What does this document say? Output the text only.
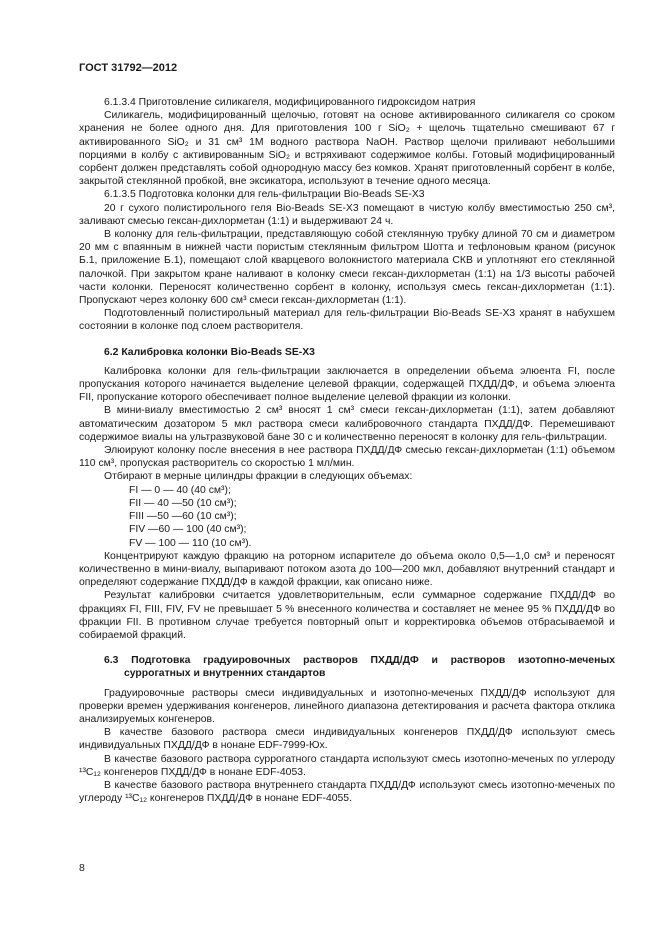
ГОСТ 31792—2012

6.1.3.4 Приготовление силикагеля, модифицированного гидроксидом натрия

Силикагель, модифицированный щелочью, готовят на основе активированного силикагеля со сроком хранения не более одного дня. Для приготовления 100 г SiO₂ + щелочь тщательно смешивают 67 г активированного SiO₂ и 31 см³ 1М водного раствора NaOH. Раствор щелочи приливают небольшими порциями в колбу с активированным SiO₂ и встряхивают содержимое колбы. Готовый модифицированный сорбент должен представлять собой однородную массу без комков. Хранят приготовленный сорбент в колбе, закрытой стеклянной пробкой, вне эксикатора, используют в течение одного месяца.

6.1.3.5 Подготовка колонки для гель-фильтрации Bio-Beads SE-X3

20 г сухого полистирольного геля Bio-Beads SE-X3 помещают в чистую колбу вместимостью 250 см³, заливают смесью гексан-дихлорметан (1:1) и выдерживают 24 ч.

В колонку для гель-фильтрации, представляющую собой стеклянную трубку длиной 70 см и диаметром 20 мм с впаянным в нижней части пористым стеклянным фильтром Шотта и тефлоновым краном (рисунок Б.1, приложение Б.1), помещают слой кварцевого волокнистого материала СКВ и уплотняют его стеклянной палочкой. При закрытом кране наливают в колонку смеси гексан-дихлорметан (1:1) на 1/3 высоты рабочей части колонки. Переносят количественно сорбент в колонку, используя смесь гексан-дихлорметан (1:1). Пропускают через колонку 600 см³ смеси гексан-дихлорметан (1:1).

Подготовленный полистирольный материал для гель-фильтрации Bio-Beads SE-X3 хранят в набухшем состоянии в колонке под слоем растворителя.

6.2 Калибровка колонки Bio-Beads SE-X3

Калибровка колонки для гель-фильтрации заключается в определении объема элюента FI, после пропускания которого начинается выделение целевой фракции, содержащей ПХДД/ДФ, и объема элюента FII, пропускание которого обеспечивает полное выделение целевой фракции из колонки.

В мини-виалу вместимостью 2 см³ вносят 1 см³ смеси гексан-дихлорметан (1:1), затем добавляют автоматическим дозатором 5 мкл раствора смеси калибровочного стандарта ПХДД/ДФ. Перемешивают содержимое виалы на ультразвуковой бане 30 с и количественно переносят в колонку для гель-фильтрации.

Элюируют колонку после внесения в нее раствора ПХДД/ДФ смесью гексан-дихлорметан (1:1) объемом 110 см³, пропуская растворитель со скоростью 1 мл/мин.

Отбирают в мерные цилиндры фракции в следующих объемах:

FI — 0 — 40 (40 см³);
FII — 40 —50 (10 см³);
FIII —50 —60 (10 см³);
FIV —60 — 100 (40 см³);
FV — 100 — 110 (10 см³).

Концентрируют каждую фракцию на роторном испарителе до объема около 0,5—1,0 см³ и переносят количественно в мини-виалу, выпаривают потоком азота до 100—200 мкл, добавляют внутренний стандарт и определяют содержание ПХДД/ДФ в каждой фракции, как описано ниже.

Результат калибровки считается удовлетворительным, если суммарное содержание ПХДД/ДФ во фракциях FI, FIII, FIV, FV не превышает 5 % внесенного количества и составляет не менее 95 % ПХДД/ДФ во фракции FII. В противном случае требуется повторный опыт и корректировка объемов отбрасываемой и собираемой фракций.

6.3 Подготовка градуировочных растворов ПХДД/ДФ и растворов изотопно-меченых суррогатных и внутренних стандартов

Градуировочные растворы смеси индивидуальных и изотопно-меченых ПХДД/ДФ используют для проверки времен удерживания конгенеров, линейного диапазона детектирования и расчета фактора отклика анализируемых конгенеров.

В качестве базового раствора смеси индивидуальных конгенеров ПХДД/ДФ используют смесь индивидуальных ПХДД/ДФ в нонане EDF-7999-Юх.

В качестве базового раствора суррогатного стандарта используют смесь изотопно-меченых по углероду ¹³C₁₂ конгенеров ПХДД/ДФ в нонане EDF-4053.

В качестве базового раствора внутреннего стандарта ПХДД/ДФ используют смесь изотопно-меченых по углероду ¹³C₁₂ конгенеров ПХДД/ДФ в нонане EDF-4055.

8
